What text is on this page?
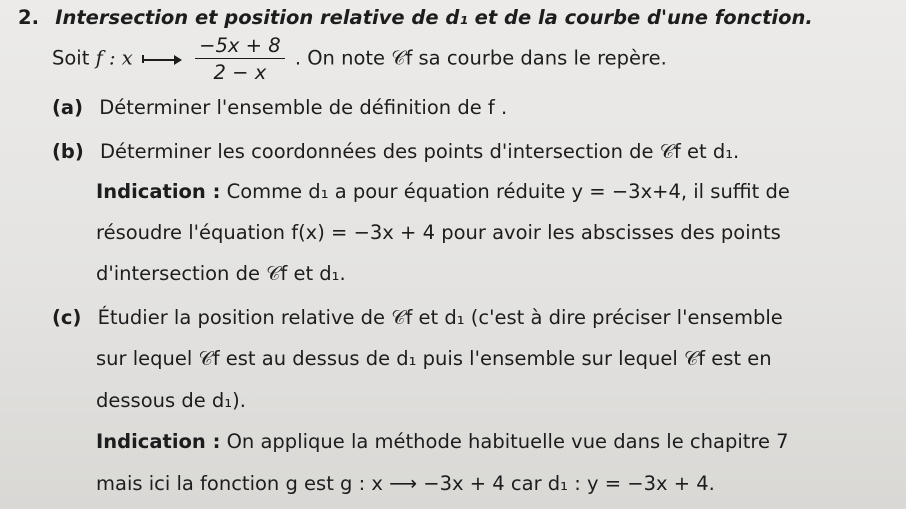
2. Intersection et position relative de d₁ et de la courbe d'une fonction.
Soit f : x
	$\frac{-5x + 8}{2 - x}$ . On note 𝒞f sa courbe dans le repère.
(a) Déterminer l'ensemble de définition de f .
(b) Déterminer les coordonnées des points d'intersection de 𝒞f et d₁.
Indication : Comme d₁ a pour équation réduite y = −3x+4, il suffit de
résoudre l'équation f(x) = −3x + 4 pour avoir les abscisses des points
d'intersection de 𝒞f et d₁.
(c) Étudier la position relative de 𝒞f et d₁ (c'est à dire préciser l'ensemble
sur lequel 𝒞f est au dessus de d₁ puis l'ensemble sur lequel 𝒞f est en
dessous de d₁).
Indication : On applique la méthode habituelle vue dans le chapitre 7
mais ici la fonction g est g : x ⟶ −3x + 4 car d₁ : y = −3x + 4.
